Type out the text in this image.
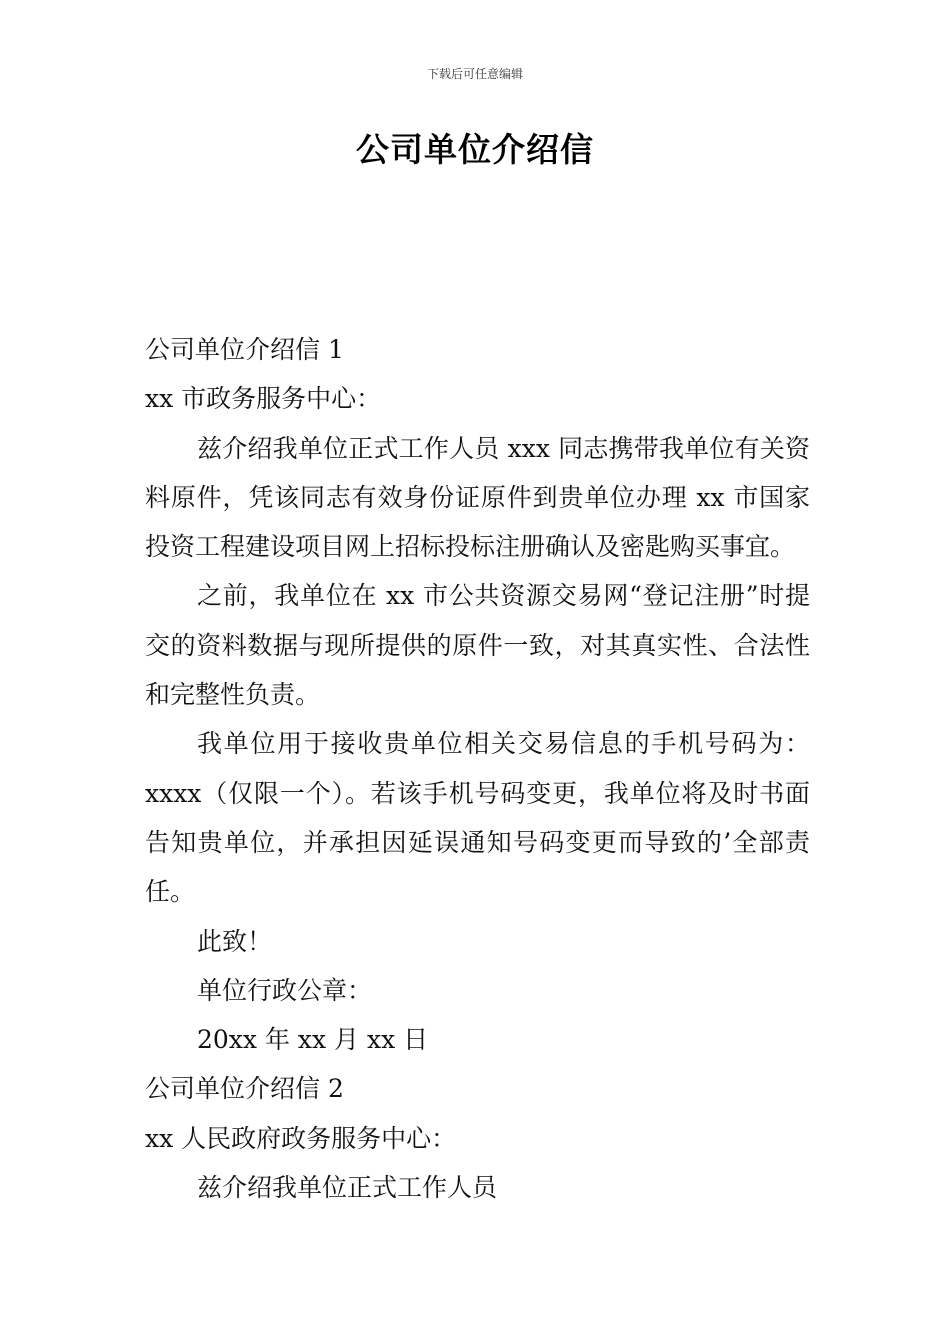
下载后可任意编辑
公司单位介绍信

公司单位介绍信 1

xx 市政务服务中心：

兹介绍我单位正式工作人员 xxx 同志携带我单位有关资料原件，凭该同志有效身份证原件到贵单位办理 xx 市国家投资工程建设项目网上招标投标注册确认及密匙购买事宜。

之前，我单位在 xx 市公共资源交易网“登记注册”时提交的资料数据与现所提供的原件一致，对其真实性、合法性和完整性负责。

我单位用于接收贵单位相关交易信息的手机号码为：xxxx（仅限一个）。若该手机号码变更，我单位将及时书面告知贵单位，并承担因延误通知号码变更而导致的’全部责任。

此致！

单位行政公章：

20xx 年 xx 月 xx 日

公司单位介绍信 2

xx 人民政府政务服务中心：

兹介绍我单位正式工作人员
